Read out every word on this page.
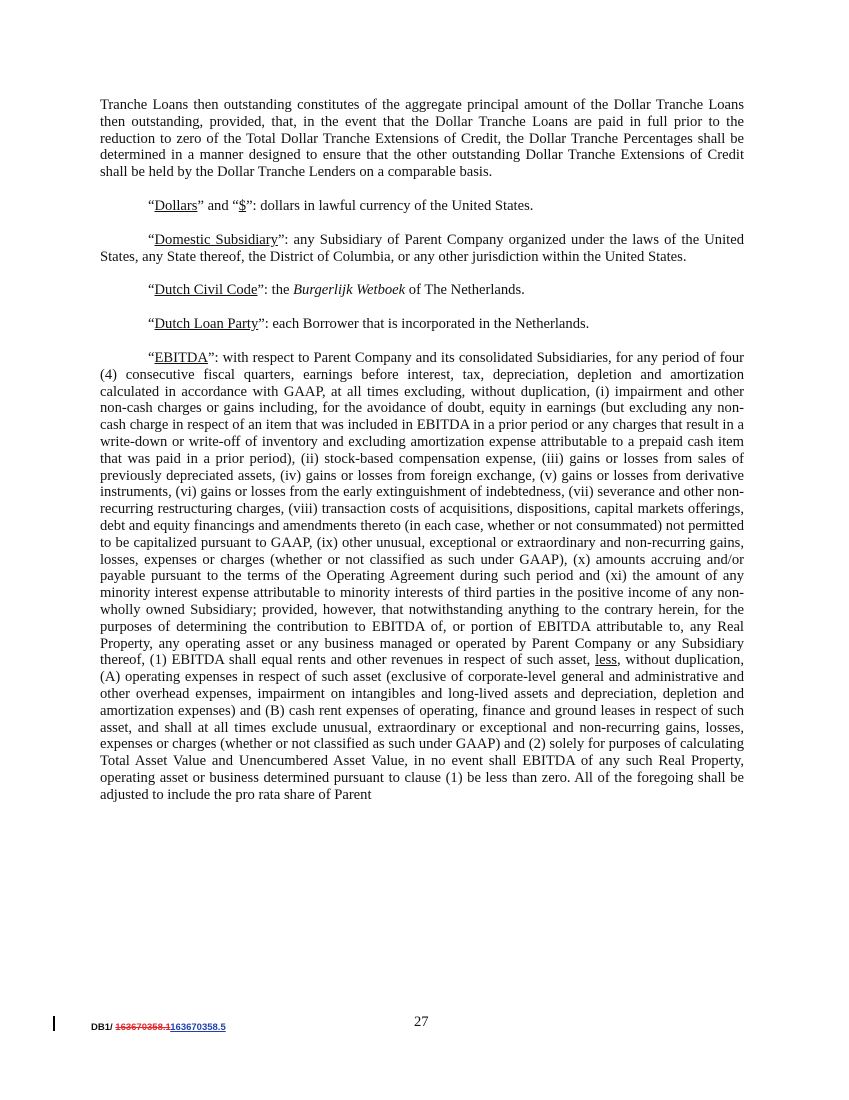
Tranche Loans then outstanding constitutes of the aggregate principal amount of the Dollar Tranche Loans then outstanding, provided, that, in the event that the Dollar Tranche Loans are paid in full prior to the reduction to zero of the Total Dollar Tranche Extensions of Credit, the Dollar Tranche Percentages shall be determined in a manner designed to ensure that the other outstanding Dollar Tranche Extensions of Credit shall be held by the Dollar Tranche Lenders on a comparable basis.

“Dollars” and “$”: dollars in lawful currency of the United States.

“Domestic Subsidiary”: any Subsidiary of Parent Company organized under the laws of the United States, any State thereof, the District of Columbia, or any other jurisdiction within the United States.

“Dutch Civil Code”: the Burgerlijk Wetboek of The Netherlands.

“Dutch Loan Party”: each Borrower that is incorporated in the Netherlands.

“EBITDA”: with respect to Parent Company and its consolidated Subsidiaries, for any period of four (4) consecutive fiscal quarters, earnings before interest, tax, depreciation, depletion and amortization calculated in accordance with GAAP, at all times excluding, without duplication, (i) impairment and other non-cash charges or gains including, for the avoidance of doubt, equity in earnings (but excluding any non-cash charge in respect of an item that was included in EBITDA in a prior period or any charges that result in a write-down or write-off of inventory and excluding amortization expense attributable to a prepaid cash item that was paid in a prior period), (ii) stock-based compensation expense, (iii) gains or losses from sales of previously depreciated assets, (iv) gains or losses from foreign exchange, (v) gains or losses from derivative instruments, (vi) gains or losses from the early extinguishment of indebtedness, (vii) severance and other non-recurring restructuring charges, (viii) transaction costs of acquisitions, dispositions, capital markets offerings, debt and equity financings and amendments thereto (in each case, whether or not consummated) not permitted to be capitalized pursuant to GAAP, (ix) other unusual, exceptional or extraordinary and non-recurring gains, losses, expenses or charges (whether or not classified as such under GAAP), (x) amounts accruing and/or payable pursuant to the terms of the Operating Agreement during such period and (xi) the amount of any minority interest expense attributable to minority interests of third parties in the positive income of any non-wholly owned Subsidiary; provided, however, that notwithstanding anything to the contrary herein, for the purposes of determining the contribution to EBITDA of, or portion of EBITDA attributable to, any Real Property, any operating asset or any business managed or operated by Parent Company or any Subsidiary thereof, (1) EBITDA shall equal rents and other revenues in respect of such asset, less, without duplication, (A) operating expenses in respect of such asset (exclusive of corporate-level general and administrative and other overhead expenses, impairment on intangibles and long-lived assets and depreciation, depletion and amortization expenses) and (B) cash rent expenses of operating, finance and ground leases in respect of such asset, and shall at all times exclude unusual, extraordinary or exceptional and non-recurring gains, losses, expenses or charges (whether or not classified as such under GAAP) and (2) solely for purposes of calculating Total Asset Value and Unencumbered Asset Value, in no event shall EBITDA of any such Real Property, operating asset or business determined pursuant to clause (1) be less than zero. All of the foregoing shall be adjusted to include the pro rata share of Parent

DB1/ 163670358.1163670358.5	27
